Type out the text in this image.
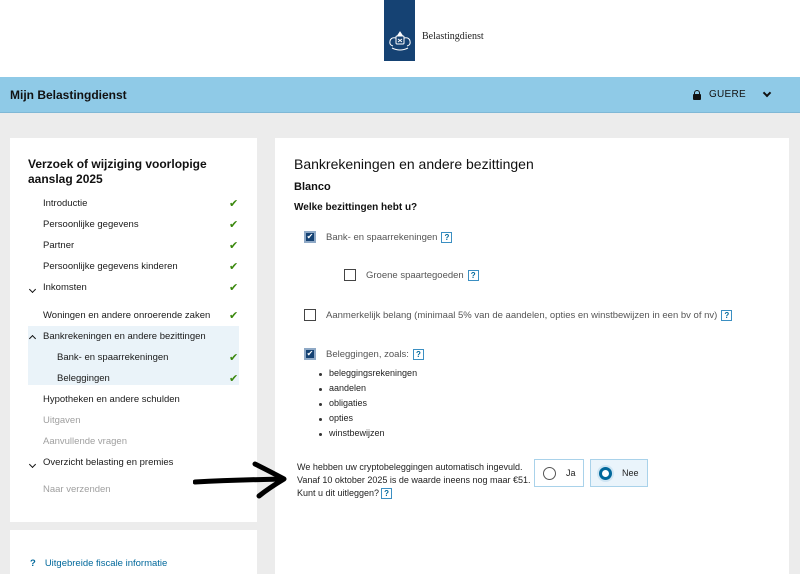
Belastingdienst
Mijn Belastingdienst	GUERE
Verzoek of wijziging voorlopige aanslag 2025
Introductie	✔
Persoonlijke gegevens	✔
Partner	✔
Persoonlijke gegevens kinderen	✔
Inkomsten	✔
Woningen en andere onroerende zaken ✔
Bankrekeningen en andere bezittingen
Bank- en spaarrekeningen	✔
Beleggingen	✔
Hypotheken en andere schulden
Uitgaven
Aanvullende vragen
Overzicht belasting en premies
Naar verzenden
? Uitgebreide fiscale informatie
Bankrekeningen en andere bezittingen
Blanco
Welke bezittingen hebt u?
✔ Bank- en spaarrekeningen ?
Groene spaartegoeden ?
Aanmerkelijk belang (minimaal 5% van de aandelen, opties en winstbewijzen in een bv of nv) ?
✔ Beleggingen, zoals: ?
beleggingsrekeningen
aandelen
obligaties
opties
winstbewijzen
We hebben uw cryptobeleggingen automatisch ingevuld.
Vanaf 10 oktober 2025 is de waarde ineens nog maar €51.
Kunt u dit uitleggen? ?
Ja	Nee
